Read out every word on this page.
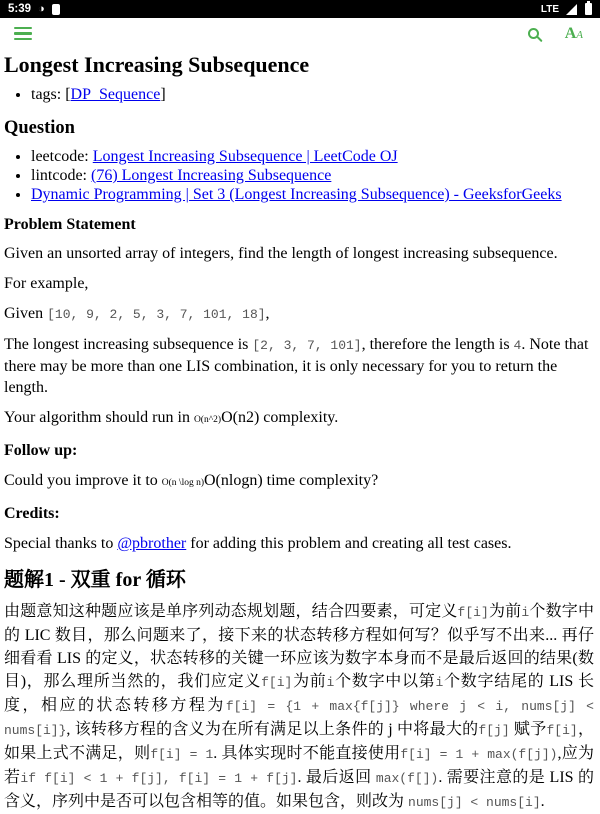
5:39 ◑	LTE
AA
Longest Increasing Subsequence
• tags: [DP_Sequence]
Question
• leetcode: Longest Increasing Subsequence | LeetCode OJ
• lintcode: (76) Longest Increasing Subsequence
• Dynamic Programming | Set 3 (Longest Increasing Subsequence) - GeeksforGeeks
Problem Statement

Given an unsorted array of integers, find the length of longest increasing subsequence.

For example,

Given [10, 9, 2, 5, 3, 7, 101, 18],

The longest increasing subsequence is [2, 3, 7, 101], therefore the length is 4. Note that there may be more than one LIS combination, it is only necessary for you to return the length.

Your algorithm should run in O(n^2)O(n2) complexity.

Follow up:

Could you improve it to O(n \log n)O(nlogn) time complexity?

Credits:

Special thanks to @pbrother for adding this problem and creating all test cases.

题解1 - 双重 for 循环

由题意知这种题应该是单序列动态规划题，结合四要素，可定义f[i]为前i个数字中的 LIC 数目，那么问题来了，接下来的状态转移方程如何写？似乎写不出来... 再仔细看看 LIS 的定义，状态转移的关键一环应该为数字本身而不是最后返回的结果(数目)，那么理所当然的，我们应定义f[i]为前i个数字中以第i个数字结尾的 LIS 长度，相应的状态转移方程为f[i] = {1 + max{f[j]} where j < i, nums[j] < nums[i]}, 该转移方程的含义为在所有满足以上条件的 j 中将最大的f[j] 赋予f[i]，如果上式不满足，则f[i] = 1. 具体实现时不能直接使用f[i] = 1 + max(f[j]),应为若if f[i] < 1 + f[j], f[i] = 1 + f[j]. 最后返回 max(f[]). 需要注意的是 LIS 的含义，序列中是否可以包含相等的值。如果包含，则改为 nums[j] < nums[i].
